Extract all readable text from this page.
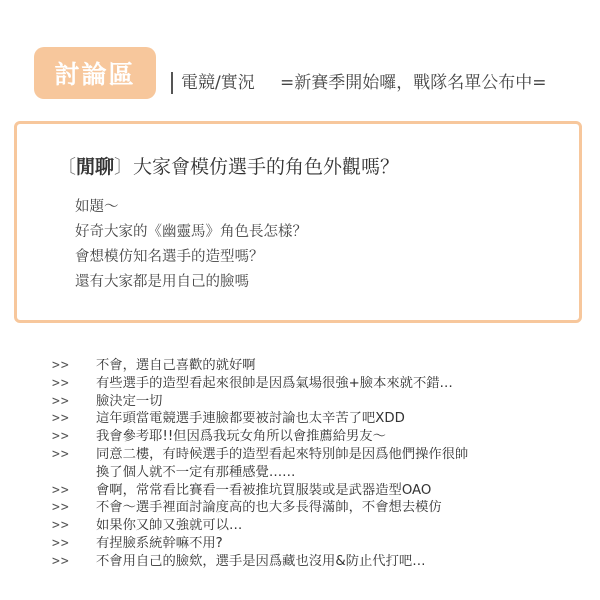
討論區	電競/實況 =新賽季開始囉，戰隊名單公布中=
〔閒聊〕大家會模仿選手的角色外觀嗎？
如題～
好奇大家的《幽靈馬》角色長怎樣？
會想模仿知名選手的造型嗎？
還有大家都是用自己的臉嗎
>>	不會，選自己喜歡的就好啊
>>	有些選手的造型看起來很帥是因爲氣場很強+臉本來就不錯…
>>	臉決定一切
>>	這年頭當電競選手連臉都要被討論也太辛苦了吧XDD
>>	我會參考耶!!但因爲我玩女角所以會推薦給男友～
>>	同意二樓，有時候選手的造型看起來特別帥是因爲他們操作很帥
換了個人就不一定有那種感覺……
>>	會啊，常常看比賽看一看被推坑買服裝或是武器造型OAO
>>	不會～選手裡面討論度高的也大多長得滿帥，不會想去模仿
>>	如果你又帥又強就可以…
>>	有捏臉系統幹嘛不用?
>>	不會用自己的臉欸，選手是因爲藏也沒用&防止代打吧…
